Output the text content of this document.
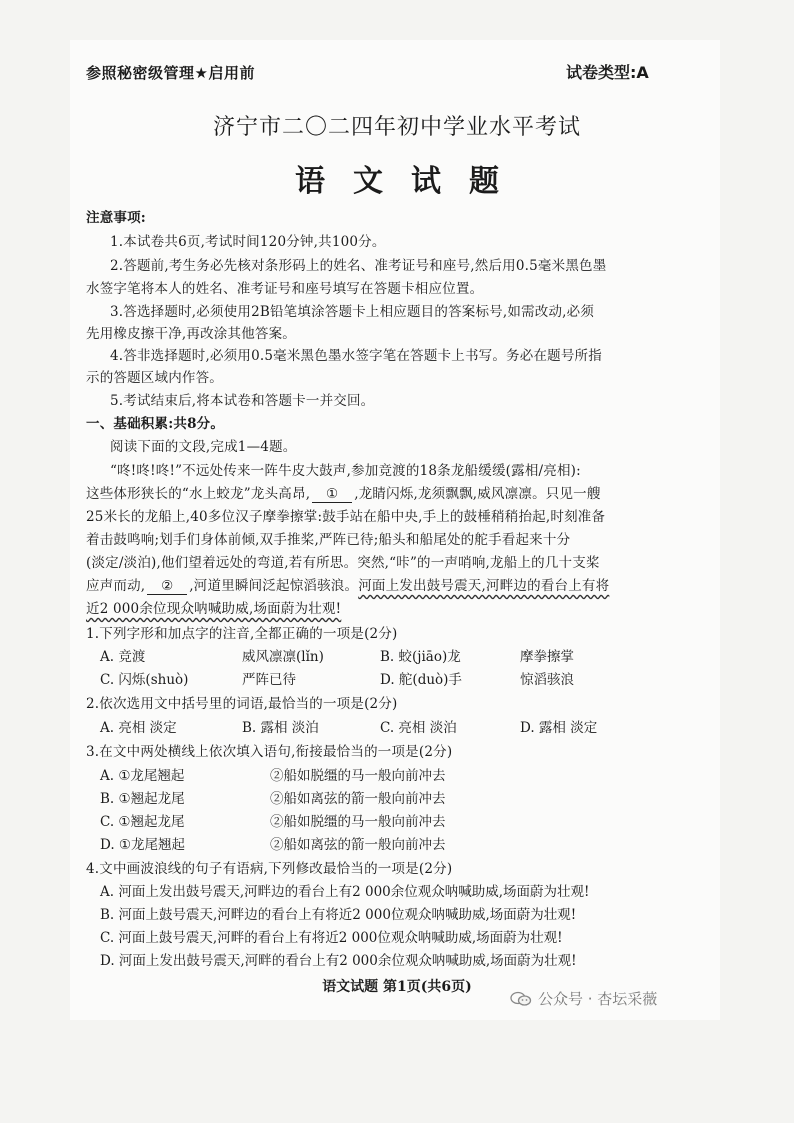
参照秘密级管理★启用前	试卷类型:A
济宁市二〇二四年初中学业水平考试
语文试题
注意事项:
1.本试卷共6页,考试时间120分钟,共100分。
2.答题前,考生务必先核对条形码上的姓名、准考证号和座号,然后用0.5毫米黑色墨
水签字笔将本人的姓名、准考证号和座号填写在答题卡相应位置。
3.答选择题时,必须使用2B铅笔填涂答题卡上相应题目的答案标号,如需改动,必须
先用橡皮擦干净,再改涂其他答案。
4.答非选择题时,必须用0.5毫米黑色墨水签字笔在答题卡上书写。务必在题号所指
示的答题区域内作答。
5.考试结束后,将本试卷和答题卡一并交回。
一、基础积累:共8分。
阅读下面的文段,完成1—4题。
“咚!咚!咚!”不远处传来一阵牛皮大鼓声,参加竞渡的18条龙船缓缓(露相/亮相):
这些体形狭长的“水上蛟龙”龙头高昂, ① ,龙睛闪烁,龙须飘飘,威风凛凛。只见一艘
25米长的龙船上,40多位汉子摩拳擦掌:鼓手站在船中央,手上的鼓棰稍稍抬起,时刻准备
着击鼓鸣响;划手们身体前倾,双手推桨,严阵已待;船头和船尾处的舵手看起来十分
(淡定/淡泊),他们望着远处的弯道,若有所思。突然,“咔”的一声哨响,龙船上的几十支桨
应声而动, ② ,河道里瞬间泛起惊滔骇浪。河面上发出鼓号震天,河畔边的看台上有将
近2 000余位现众呐喊助威,场面蔚为壮观!
1.下列字形和加点字的注音,全都正确的一项是(2分)
A. 竞渡	威风凛凛(lǐn)	B. 蛟(jiāo)龙	摩拳擦掌
C. 闪烁(shuò)	严阵已待	D. 舵(duò)手	惊滔骇浪
2.依次选用文中括号里的词语,最恰当的一项是(2分)
A. 亮相 淡定	B. 露相 淡泊	C. 亮相 淡泊	D. 露相 淡定
3.在文中两处横线上依次填入语句,衔接最恰当的一项是(2分)
A. ①龙尾翘起	②船如脱缰的马一般向前冲去
B. ①翘起龙尾	②船如离弦的箭一般向前冲去
C. ①翘起龙尾	②船如脱缰的马一般向前冲去
D. ①龙尾翘起	②船如离弦的箭一般向前冲去
4.文中画波浪线的句子有语病,下列修改最恰当的一项是(2分)
A. 河面上发出鼓号震天,河畔边的看台上有2 000余位观众呐喊助威,场面蔚为壮观!
B. 河面上鼓号震天,河畔边的看台上有将近2 000位观众呐喊助威,场面蔚为壮观!
C. 河面上鼓号震天,河畔的看台上有将近2 000位观众呐喊助威,场面蔚为壮观!
D. 河面上发出鼓号震天,河畔的看台上有2 000余位观众呐喊助威,场面蔚为壮观!
语文试题 第1页(共6页)
公众号 · 杏坛采薇
